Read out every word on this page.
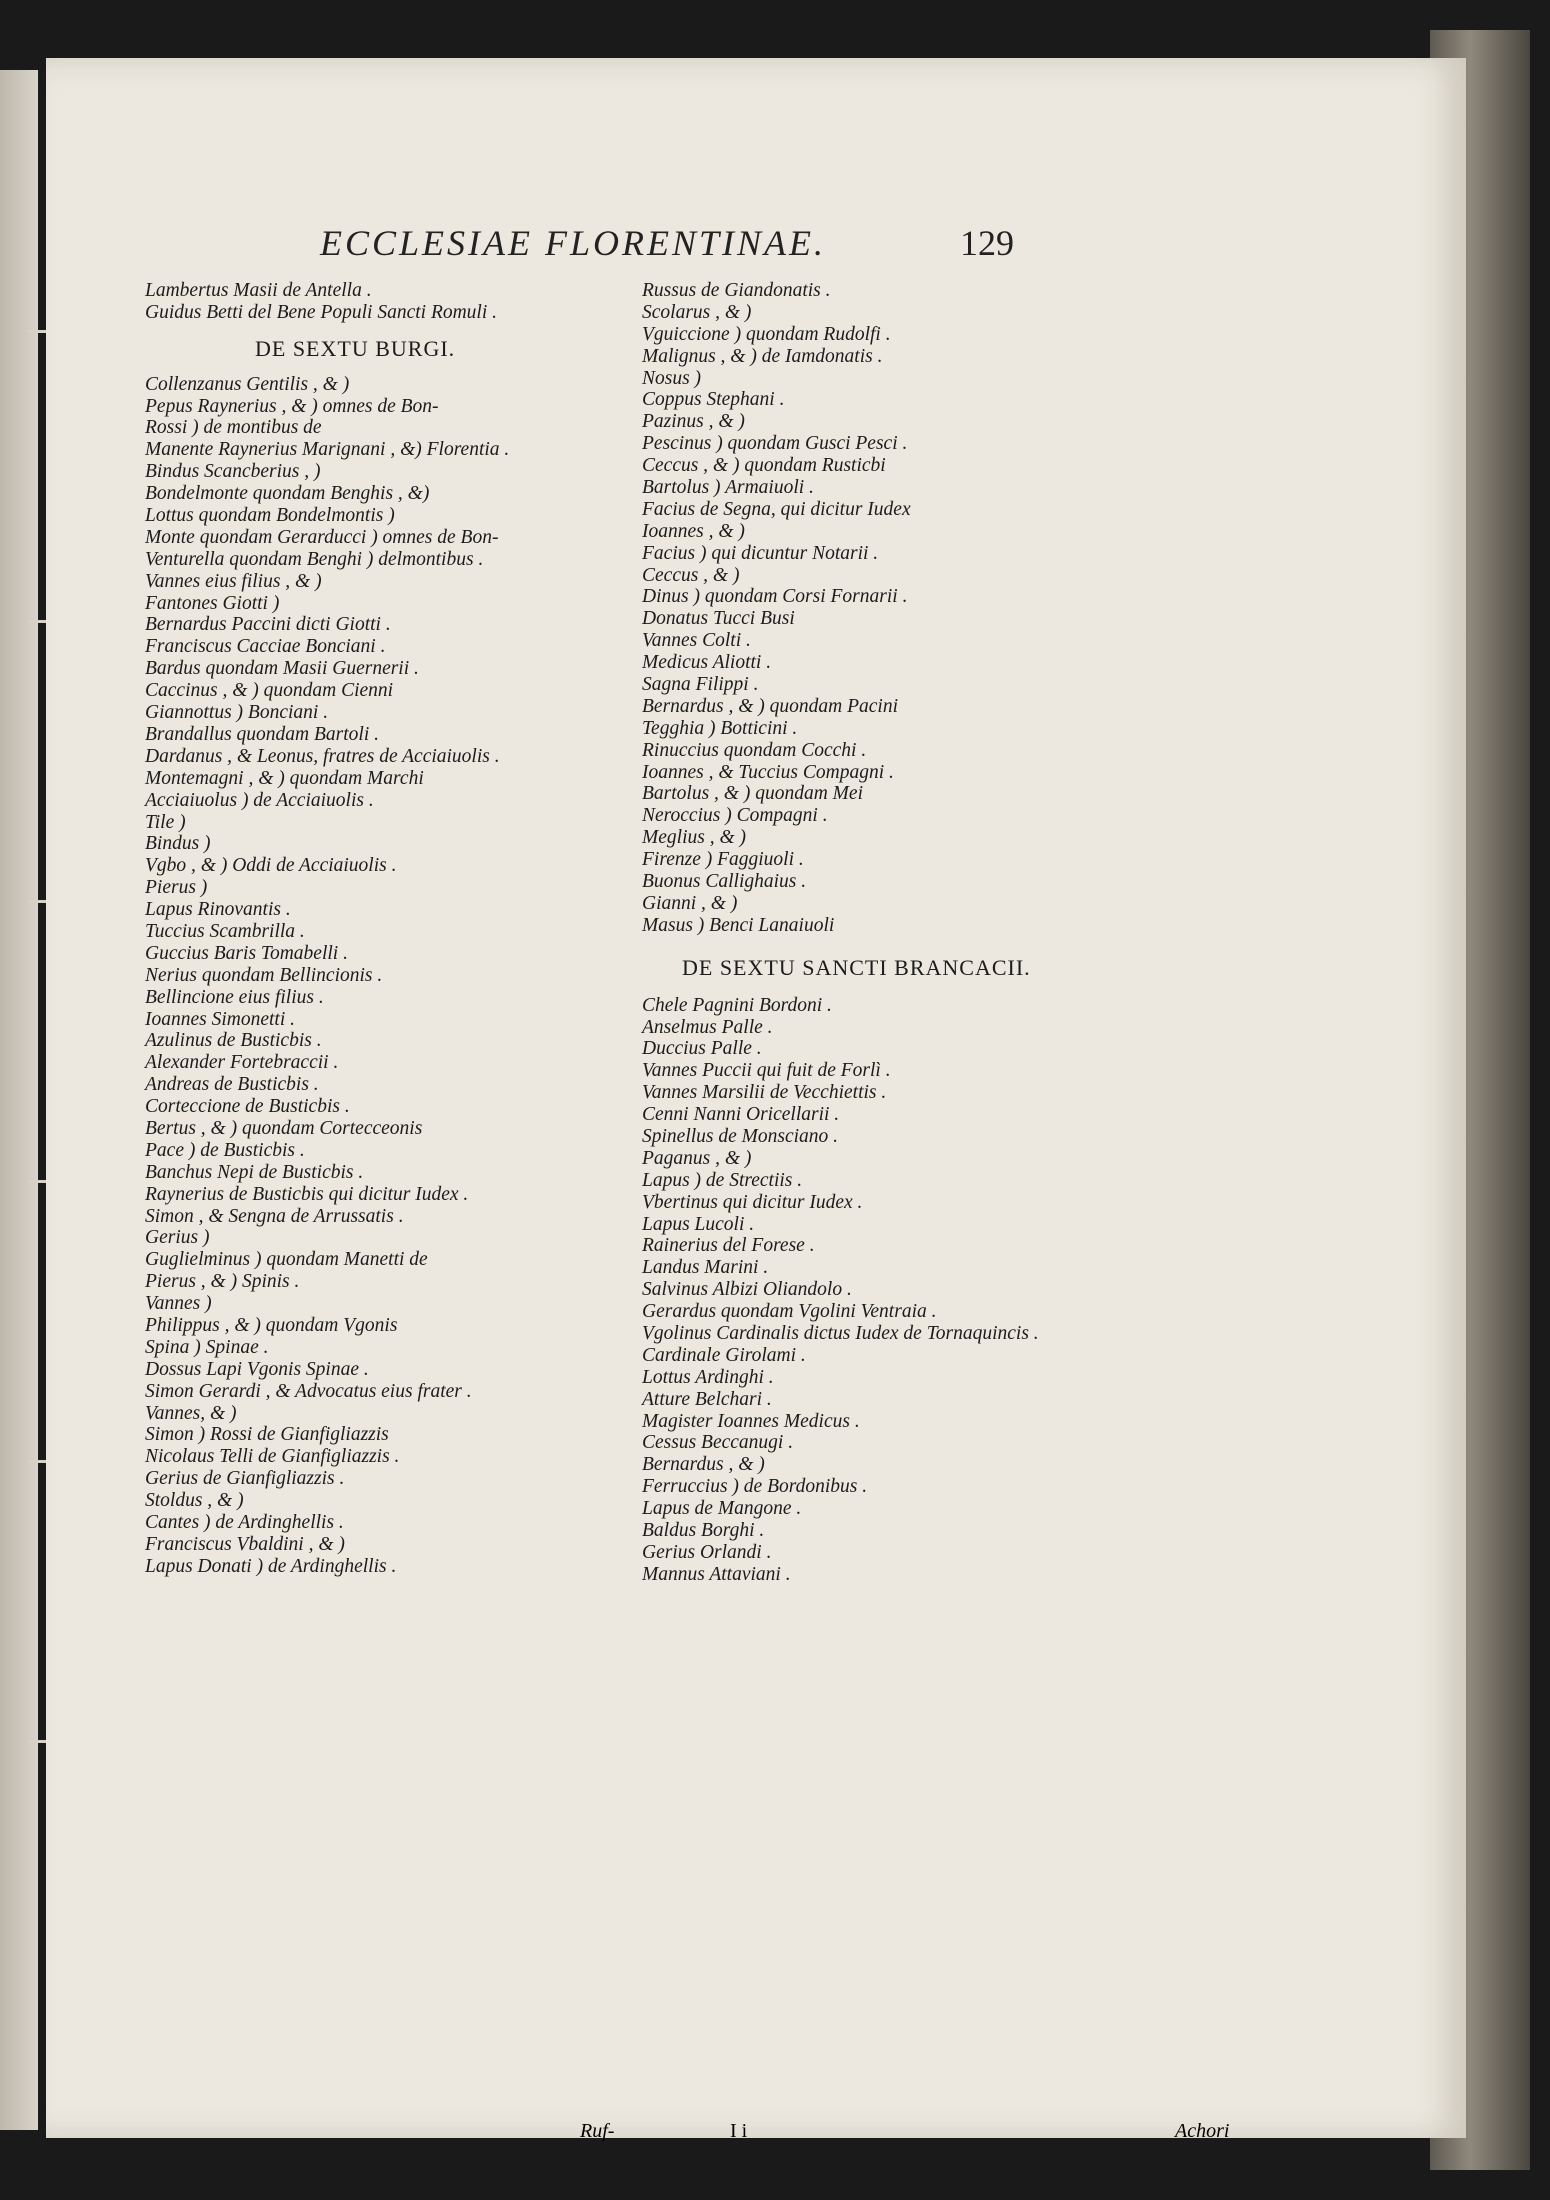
ECCLESIAE FLORENTINAE.	129
Lambertus Masii de Antella .
Guidus Betti del Bene Populi Sancti Romuli .
DE SEXTU BURGI.
Collenzanus Gentilis , & )
Pepus Raynerius , & ) omnes de Bon-
Rossi ) de montibus de
Manente Raynerius Marignani , &) Florentia .
Bindus Scancberius , )
Bondelmonte quondam Benghis , &)
Lottus quondam Bondelmontis )
Monte quondam Gerarducci ) omnes de Bon-
Venturella quondam Benghi ) delmontibus .
Vannes eius filius , & )
Fantones Giotti )
Bernardus Paccini dicti Giotti .
Franciscus Cacciae Bonciani .
Bardus quondam Masii Guernerii .
Caccinus , & ) quondam Cienni
Giannottus ) Bonciani .
Brandallus quondam Bartoli .
Dardanus , & Leonus, fratres de Acciaiuolis .
Montemagni , & ) quondam Marchi
Acciaiuolus ) de Acciaiuolis .
Tile )
Bindus )
Vgbo , & ) Oddi de Acciaiuolis .
Pierus )
Lapus Rinovantis .
Tuccius Scambrilla .
Guccius Baris Tomabelli .
Nerius quondam Bellincionis .
Bellincione eius filius .
Ioannes Simonetti .
Azulinus de Busticbis .
Alexander Fortebraccii .
Andreas de Busticbis .
Corteccione de Busticbis .
Bertus , & ) quondam Cortecceonis
Pace ) de Busticbis .
Banchus Nepi de Busticbis .
Raynerius de Busticbis qui dicitur Iudex .
Simon , & Sengna de Arrussatis .
Gerius )
Guglielminus ) quondam Manetti de
Pierus , & ) Spinis .
Vannes )
Philippus , & ) quondam Vgonis
Spina ) Spinae .
Dossus Lapi Vgonis Spinae .
Simon Gerardi , & Advocatus eius frater .
Vannes, & )
Simon ) Rossi de Gianfigliazzis
Nicolaus Telli de Gianfigliazzis .
Gerius de Gianfigliazzis .
Stoldus , & )
Cantes ) de Ardinghellis .
Franciscus Vbaldini , & )
Lapus Donati ) de Ardinghellis .
Russus de Giandonatis .
Scolarus , & )
Vguiccione ) quondam Rudolfi .
Malignus , & ) de Iamdonatis .
Nosus )
Coppus Stephani .
Pazinus , & )
Pescinus ) quondam Gusci Pesci .
Ceccus , & ) quondam Rusticbi
Bartolus ) Armaiuoli .
Facius de Segna, qui dicitur Iudex
Ioannes , & )
Facius ) qui dicuntur Notarii .
Ceccus , & )
Dinus ) quondam Corsi Fornarii .
Donatus Tucci Busi
Vannes Colti .
Medicus Aliotti .
Sagna Filippi .
Bernardus , & ) quondam Pacini
Tegghia ) Botticini .
Rinuccius quondam Cocchi .
Ioannes , & Tuccius Compagni .
Bartolus , & ) quondam Mei
Neroccius ) Compagni .
Meglius , & )
Firenze ) Faggiuoli .
Buonus Callighaius .
Gianni , & )
Masus ) Benci Lanaiuoli
DE SEXTU SANCTI BRANCACII.
Chele Pagnini Bordoni .
Anselmus Palle .
Duccius Palle .
Vannes Puccii qui fuit de Forlì .
Vannes Marsilii de Vecchiettis .
Cenni Nanni Oricellarii .
Spinellus de Monsciano .
Paganus , & )
Lapus ) de Strectiis .
Vbertinus qui dicitur Iudex .
Lapus Lucoli .
Rainerius del Forese .
Landus Marini .
Salvinus Albizi Oliandolo .
Gerardus quondam Vgolini Ventraia .
Vgolinus Cardinalis dictus Iudex de Tornaquincis .
Cardinale Girolami .
Lottus Ardinghi .
Atture Belchari .
Magister Ioannes Medicus .
Cessus Beccanugi .
Bernardus , & )
Ferruccius ) de Bordonibus .
Lapus de Mangone .
Baldus Borghi .
Gerius Orlandi .
Mannus Attaviani .
Ruf-	I i	Achori
